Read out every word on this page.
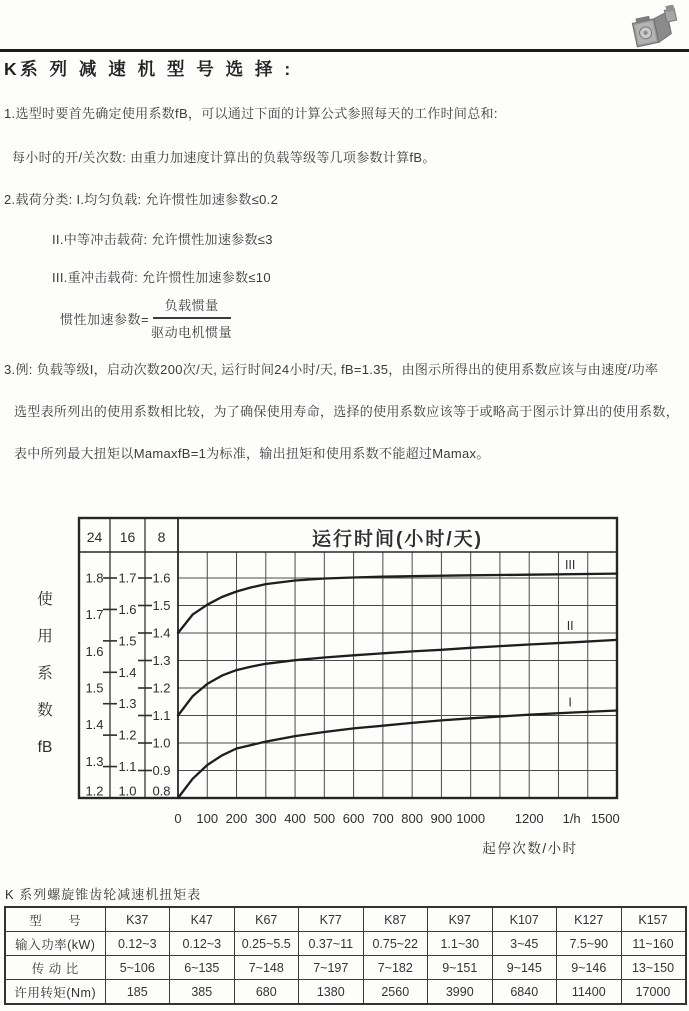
K系 列 减 速 机 型 号 选 择 :
1.选型时要首先确定使用系数fB，可以通过下面的计算公式参照每天的工作时间总和:
每小时的开/关次数: 由重力加速度计算出的负载等级等几项参数计算fB。
2.载荷分类: I.均匀负载: 允许惯性加速参数≤0.2
II.中等冲击载荷: 允许惯性加速参数≤3
III.重冲击载荷: 允许惯性加速参数≤10
惯性加速参数= $\frac{\text{负载惯量}}{\text{驱动电机惯量}}$
3.例: 负载等级I，启动次数200次/天, 运行时间24小时/天, fB=1.35，由图示所得出的使用系数应该与由速度/功率
选型表所列出的使用系数相比较，为了确保使用寿命，选择的使用系数应该等于或略高于图示计算出的使用系数，
表中所列最大扭矩以MamaxfB=1为标准，输出扭矩和使用系数不能超过Mamax。
24 16 8	运行时间(小时/天)
1.8
1.7
1.6
1.5
1.4
1.3
1.2
1.7
1.6
1.5
1.4
1.3
1.2
1.1
1.0
1.6
1.5
1.4
1.3
1.2
1.1
1.0
0.9
0.8
I
II
III
0 100 200 300 400 500 600 700 800 900 1000 1200 1/h 1500
起停次数/小时
使
用
系
数
fB
K 系列螺旋锥齿轮减速机扭矩表
型　　号	K37	K47	K67	K77	K87	K97	K107	K127	K157
输入功率(kW)	0.12~3	0.12~3	0.25~5.5	0.37~11	0.75~22	1.1~30	3~45	7.5~90	11~160
传 动 比	5~106	6~135	7~148	7~197	7~182	9~151	9~145	9~146	13~150
许用转矩(Nm)	185	385	680	1380	2560	3990	6840	11400	17000
